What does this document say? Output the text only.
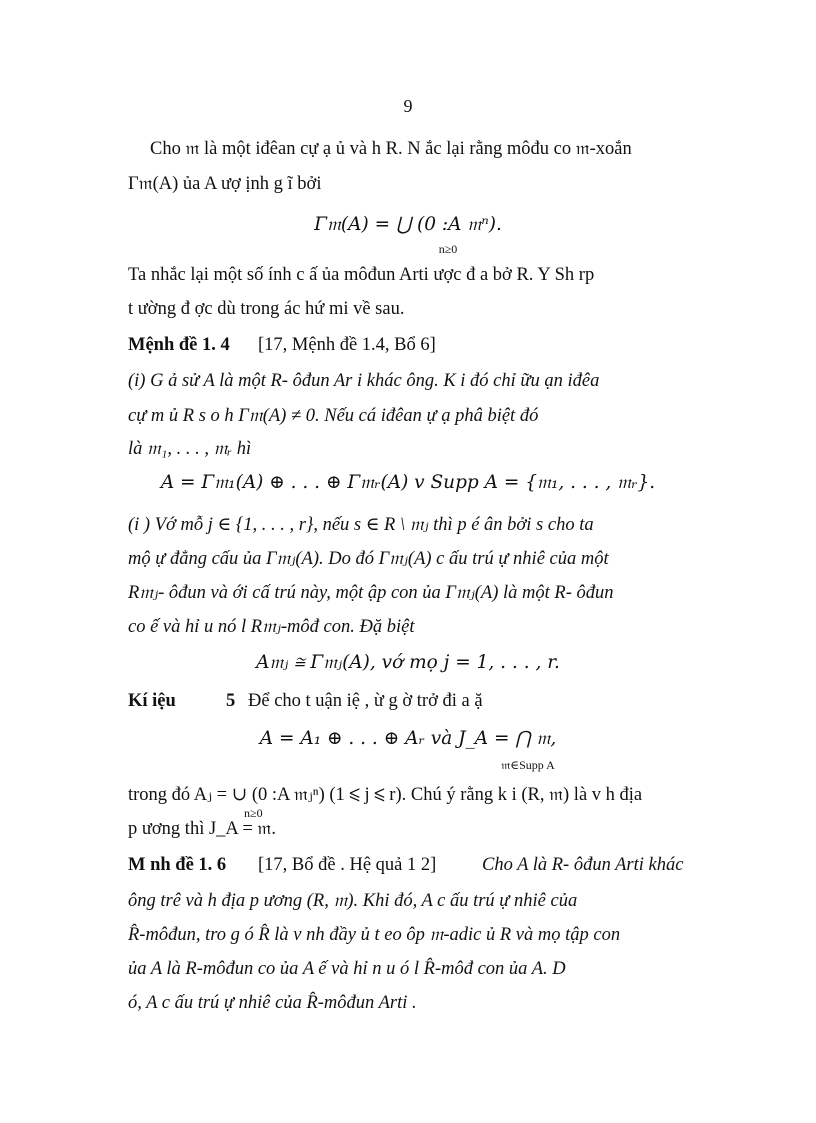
9
Cho 𝔪 là một iđêan cự ạ ủ và h R. N ắc lại rằng môđu co 𝔪-xoắn
Γ𝔪(A) ủa A ượ ịnh g ĩ bởi
Γ𝔪(A) = ⋃ (0 :A 𝔪ⁿ).
n≥0
Ta nhắc lại một số ính c ấ ủa môđun Arti ược đ a bở R. Y Sh rp
t ường đ ợc dù trong ác hứ mi về sau.
Mệnh đề 1. 4	[17, Mệnh đề 1.4, Bổ 6]
(i) G ả sử A là một R- ôđun Ar i khác ông. K i đó chỉ ữu ạn iđêa
cự m ủ R s o h Γ𝔪(A) ≠ 0. Nếu cá iđêan ự ạ phâ biệt đó
là 𝔪₁, . . . , 𝔪ᵣ hì
A = Γ𝔪₁(A) ⊕ . . . ⊕ Γ𝔪ᵣ(A) v Supp A = {𝔪₁, . . . , 𝔪ᵣ}.
(i ) Vớ mỗ j ∈ {1, . . . , r}, nếu s ∈ R \ 𝔪ⱼ thì p é ân bởi s cho ta
mộ ự đẳng cấu ủa Γ𝔪ⱼ(A). Do đó Γ𝔪ⱼ(A) c ấu trú ự nhiê của một
R𝔪ⱼ- ôđun và ới cấ trú này, một ập con ủa Γ𝔪ⱼ(A) là một R- ôđun
co ế và hỉ u nó l R𝔪ⱼ-môđ con. Đặ biệt
A𝔪ⱼ ≅ Γ𝔪ⱼ(A), vớ mọ j = 1, . . . , r.
Kí iệu	5 Để cho t uận iệ , ừ g ờ trở đi a ặ
A = A₁ ⊕ . . . ⊕ Aᵣ và J_A = ⋂ 𝔪,
𝔪∈Supp A
trong đó Aⱼ = ∪ (0 :A 𝔪ⱼⁿ) (1 ⩽ j ⩽ r). Chú ý rằng k i (R, 𝔪) là v h địa
n≥0
p ương thì J_A = 𝔪.
M nh đề 1. 6	[17, Bổ đề . Hệ quả 1 2]	Cho A là R- ôđun Arti khác
ông trê và h địa p ương (R, 𝔪). Khi đó, A c ấu trú ự nhiê của
R̂-môđun, tro g ó R̂ là v nh đầy ủ t eo ôp 𝔪-adic ủ R và mọ tập con
ủa A là R-môđun co ủa A ế và hỉ n u ó l R̂-môđ con ủa A. D
ó, A c ấu trú ự nhiê của R̂-môđun Arti .
